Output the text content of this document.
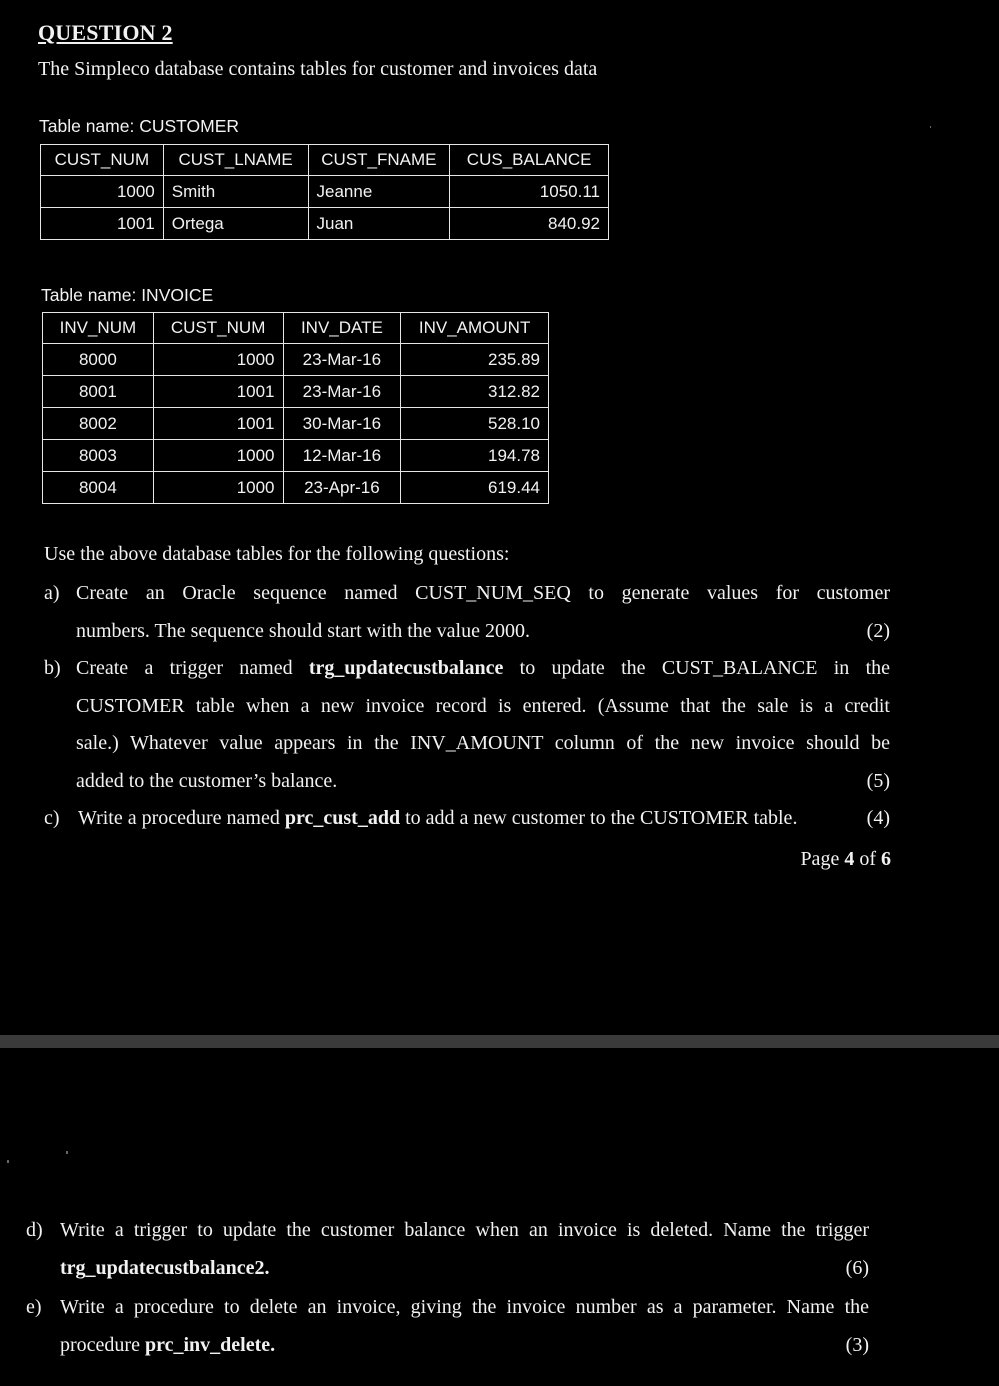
QUESTION 2
The Simpleco database contains tables for customer and invoices data
Table name: CUSTOMER
CUST_NUM	CUST_LNAME	CUST_FNAME	CUS_BALANCE
1000	Smith	Jeanne	1050.11
1001	Ortega	Juan	840.92
Table name: INVOICE
INV_NUM	CUST_NUM	INV_DATE	INV_AMOUNT
8000	1000	23-Mar-16	235.89
8001	1001	23-Mar-16	312.82
8002	1001	30-Mar-16	528.10
8003	1000	12-Mar-16	194.78
8004	1000	23-Apr-16	619.44
Use the above database tables for the following questions:
a) Create an Oracle sequence named CUST_NUM_SEQ to generate values for customer
numbers. The sequence should start with the value 2000.	(2)
b) Create a trigger named trg_updatecustbalance to update the CUST_BALANCE in the
CUSTOMER table when a new invoice record is entered. (Assume that the sale is a credit
sale.) Whatever value appears in the INV_AMOUNT column of the new invoice should be
added to the customer’s balance.	(5)
c) Write a procedure named prc_cust_add to add a new customer to the CUSTOMER table.	(4)
Page 4 of 6
d) Write a trigger to update the customer balance when an invoice is deleted. Name the trigger
trg_updatecustbalance2.	(6)
e) Write a procedure to delete an invoice, giving the invoice number as a parameter. Name the
procedure prc_inv_delete.	(3)
